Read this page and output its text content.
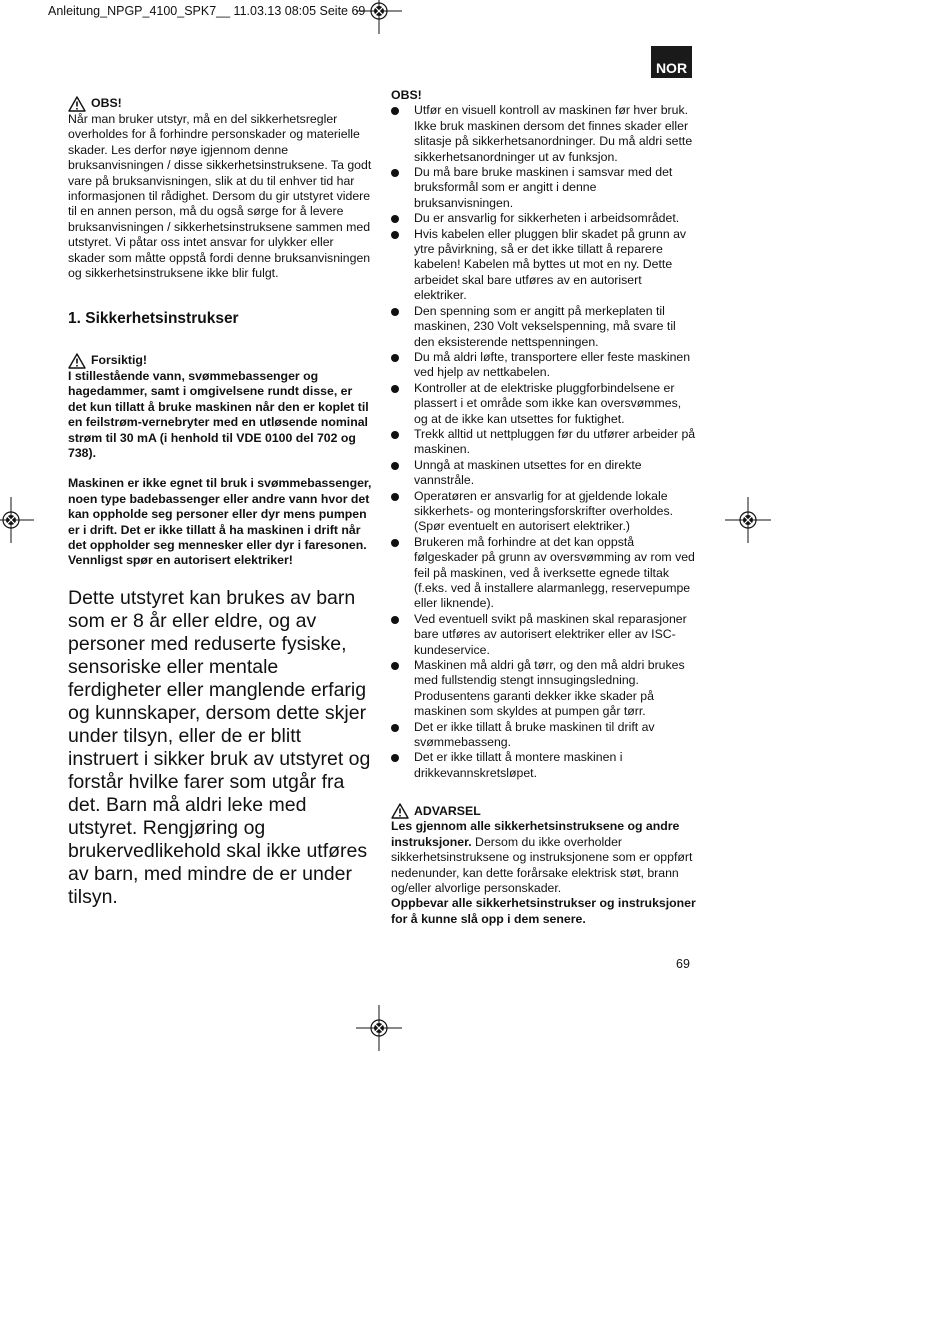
Anleitung_NPGP_4100_SPK7__ 11.03.13 08:05 Seite 69
NOR
OBS!

Når man bruker utstyr, må en del sikkerhetsregler overholdes for å forhindre personskader og materielle skader. Les derfor nøye igjennom denne bruksanvisningen / disse sikkerhetsinstruksene. Ta godt vare på bruksanvisningen, slik at du til enhver tid har informasjonen til rådighet. Dersom du gir utstyret videre til en annen person, må du også sørge for å levere bruksanvisningen / sikkerhetsinstruksene sammen med utstyret. Vi påtar oss intet ansvar for ulykker eller skader som måtte oppstå fordi denne bruksanvisningen og sikkerhetsinstruksene ikke blir fulgt.

1. Sikkerhetsinstrukser
Forsiktig!

I stillestående vann, svømmebassenger og hagedammer, samt i omgivelsene rundt disse, er det kun tillatt å bruke maskinen når den er koplet til en feilstrøm-vernebryter med en utløsende nominal strøm til 30 mA (i henhold til VDE 0100 del 702 og 738).

Maskinen er ikke egnet til bruk i svømmebassenger, noen type badebassenger eller andre vann hvor det kan oppholde seg personer eller dyr mens pumpen er i drift. Det er ikke tillatt å ha maskinen i drift når det oppholder seg mennesker eller dyr i faresonen. Vennligst spør en autorisert elektriker!

Dette utstyret kan brukes av barn som er 8 år eller eldre, og av personer med reduserte fysiske, sensoriske eller mentale ferdigheter eller manglende erfarig og kunnskaper, dersom dette skjer under tilsyn, eller de er blitt instruert i sikker bruk av utstyret og forstår hvilke farer som utgår fra det. Barn må aldri leke med utstyret. Rengjøring og brukervedlikehold skal ikke utføres av barn, med mindre de er under tilsyn.

OBS!
Utfør en visuell kontroll av maskinen før hver bruk. Ikke bruk maskinen dersom det finnes skader eller slitasje på sikkerhetsanordninger. Du må aldri sette sikkerhetsanordninger ut av funksjon.
Du må bare bruke maskinen i samsvar med det bruksformål som er angitt i denne bruksanvisningen.
Du er ansvarlig for sikkerheten i arbeidsområdet.
Hvis kabelen eller pluggen blir skadet på grunn av ytre påvirkning, så er det ikke tillatt å reparere kabelen! Kabelen må byttes ut mot en ny. Dette arbeidet skal bare utføres av en autorisert elektriker.
Den spenning som er angitt på merkeplaten til maskinen, 230 Volt vekselspenning, må svare til den eksisterende nettspenningen.
Du må aldri løfte, transportere eller feste maskinen ved hjelp av nettkabelen.
Kontroller at de elektriske pluggforbindelsene er plassert i et område som ikke kan oversvømmes, og at de ikke kan utsettes for fuktighet.
Trekk alltid ut nettpluggen før du utfører arbeider på maskinen.
Unngå at maskinen utsettes for en direkte vannstråle.
Operatøren er ansvarlig for at gjeldende lokale sikkerhets- og monteringsforskrifter overholdes. (Spør eventuelt en autorisert elektriker.)
Brukeren må forhindre at det kan oppstå følgeskader på grunn av oversvømming av rom ved feil på maskinen, ved å iverksette egnede tiltak (f.eks. ved å installere alarmanlegg, reservepumpe eller liknende).
Ved eventuell svikt på maskinen skal reparasjoner bare utføres av autorisert elektriker eller av ISC-kundeservice.
Maskinen må aldri gå tørr, og den må aldri brukes med fullstendig stengt innsugingsledning. Produsentens garanti dekker ikke skader på maskinen som skyldes at pumpen går tørr.
Det er ikke tillatt å bruke maskinen til drift av svømmebasseng.
Det er ikke tillatt å montere maskinen i drikkevannskretsløpet.
ADVARSEL

Les gjennom alle sikkerhetsinstruksene og andre instruksjoner. Dersom du ikke overholder sikkerhetsinstruksene og instruksjonene som er oppført nedenunder, kan dette forårsake elektrisk støt, brann og/eller alvorlige personskader.
Oppbevar alle sikkerhetsinstrukser og instruksjoner for å kunne slå opp i dem senere.

69
